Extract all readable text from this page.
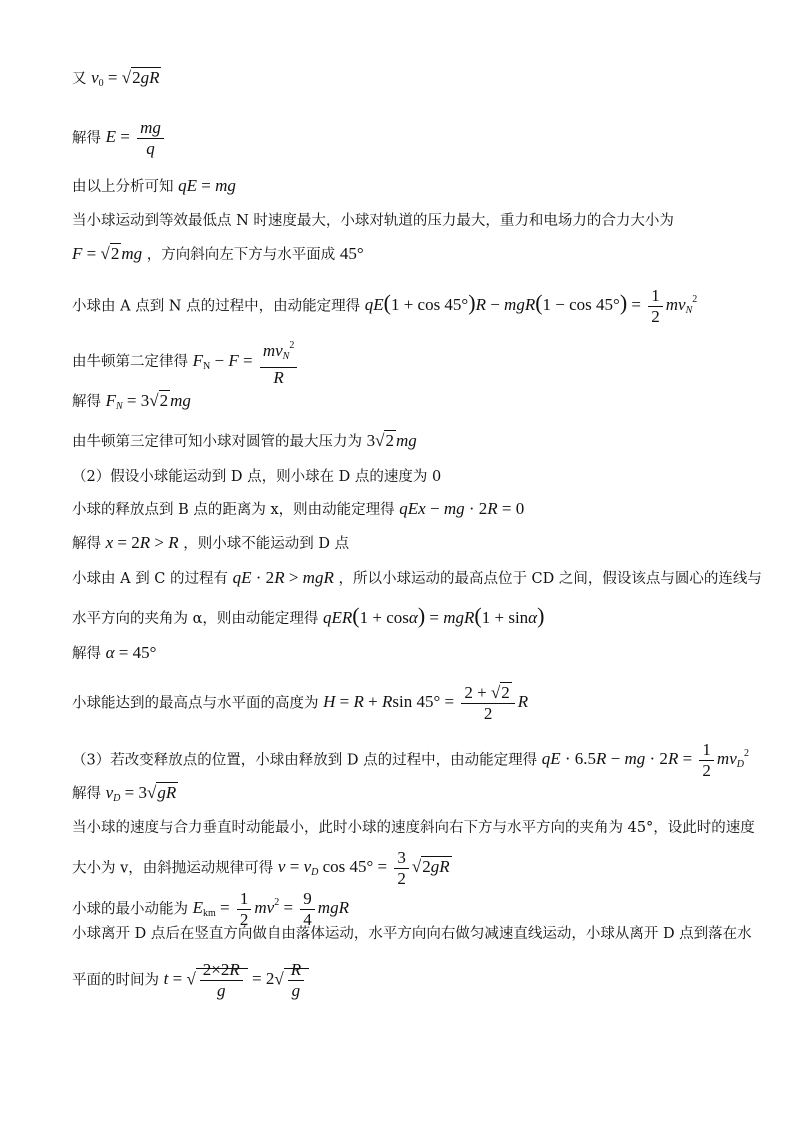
又 $v_0 = √2gR$
解得 $E = \frac{mg}{q}$
由以上分析可知 qE = mg
当小球运动到等效最低点 N 时速度最大，小球对轨道的压力最大，重力和电场力的合力大小为
F = √2 mg ，方向斜向左下方与水平面成 45°
小球由 A 点到 N 点的过程中，由动能定理得 $qE(1 + \cos 45^\circ)R - mgR(1 - \cos 45^\circ) = \frac{1}{2} mv_N^2$
由牛顿第二定律得 $F_N - F = \frac{mv_N^2}{R}$
解得 $F_N = 3√2$ mg
由牛顿第三定律可知小球对圆管的最大压力为 3√2 mg
（2）假设小球能运动到 D 点，则小球在 D 点的速度为 0
小球的释放点到 B 点的距离为 x，则由动能定理得 qEx − mg · 2R = 0
解得 x = 2R > R ，则小球不能运动到 D 点
小球由 A 到 C 的过程有 qE · 2R > mgR ，所以小球运动的最高点位于 CD 之间，假设该点与圆心的连线与
水平方向的夹角为 α，则由动能定理得 qER(1 + cosα) = mgR(1 + sinα)
解得 α = 45°
小球能达到的最高点与水平面的高度为 H = R + Rsin $45^\circ = \frac{2 + √2}{2}$ R
（3）若改变释放点的位置，小球由释放到 D 点的过程中，由动能定理得 qE · 6.5R − mg · $2R = \frac{1}{2} mv_D^2$
解得 $v_D = 3√gR$
当小球的速度与合力垂直时动能最小，此时小球的速度斜向右下方与水平方向的夹角为 45°，设此时的速度
大小为 v，由斜抛运动规律可得 $v = v_D$ $\cos 45^\circ = \frac{3}{2} √2gR$
小球的最小动能为 $E_{km} = \frac{1}{2} mv^2 = \frac{9}{4}$ mgR
小球离开 D 点后在竖直方向做自由落体运动，水平方向向右做匀减速直线运动，小球从离开 D 点到落在水
平面的时间为 t = √ $\frac{2\times 2R}{g} = 2√ \frac{R}{g}$
